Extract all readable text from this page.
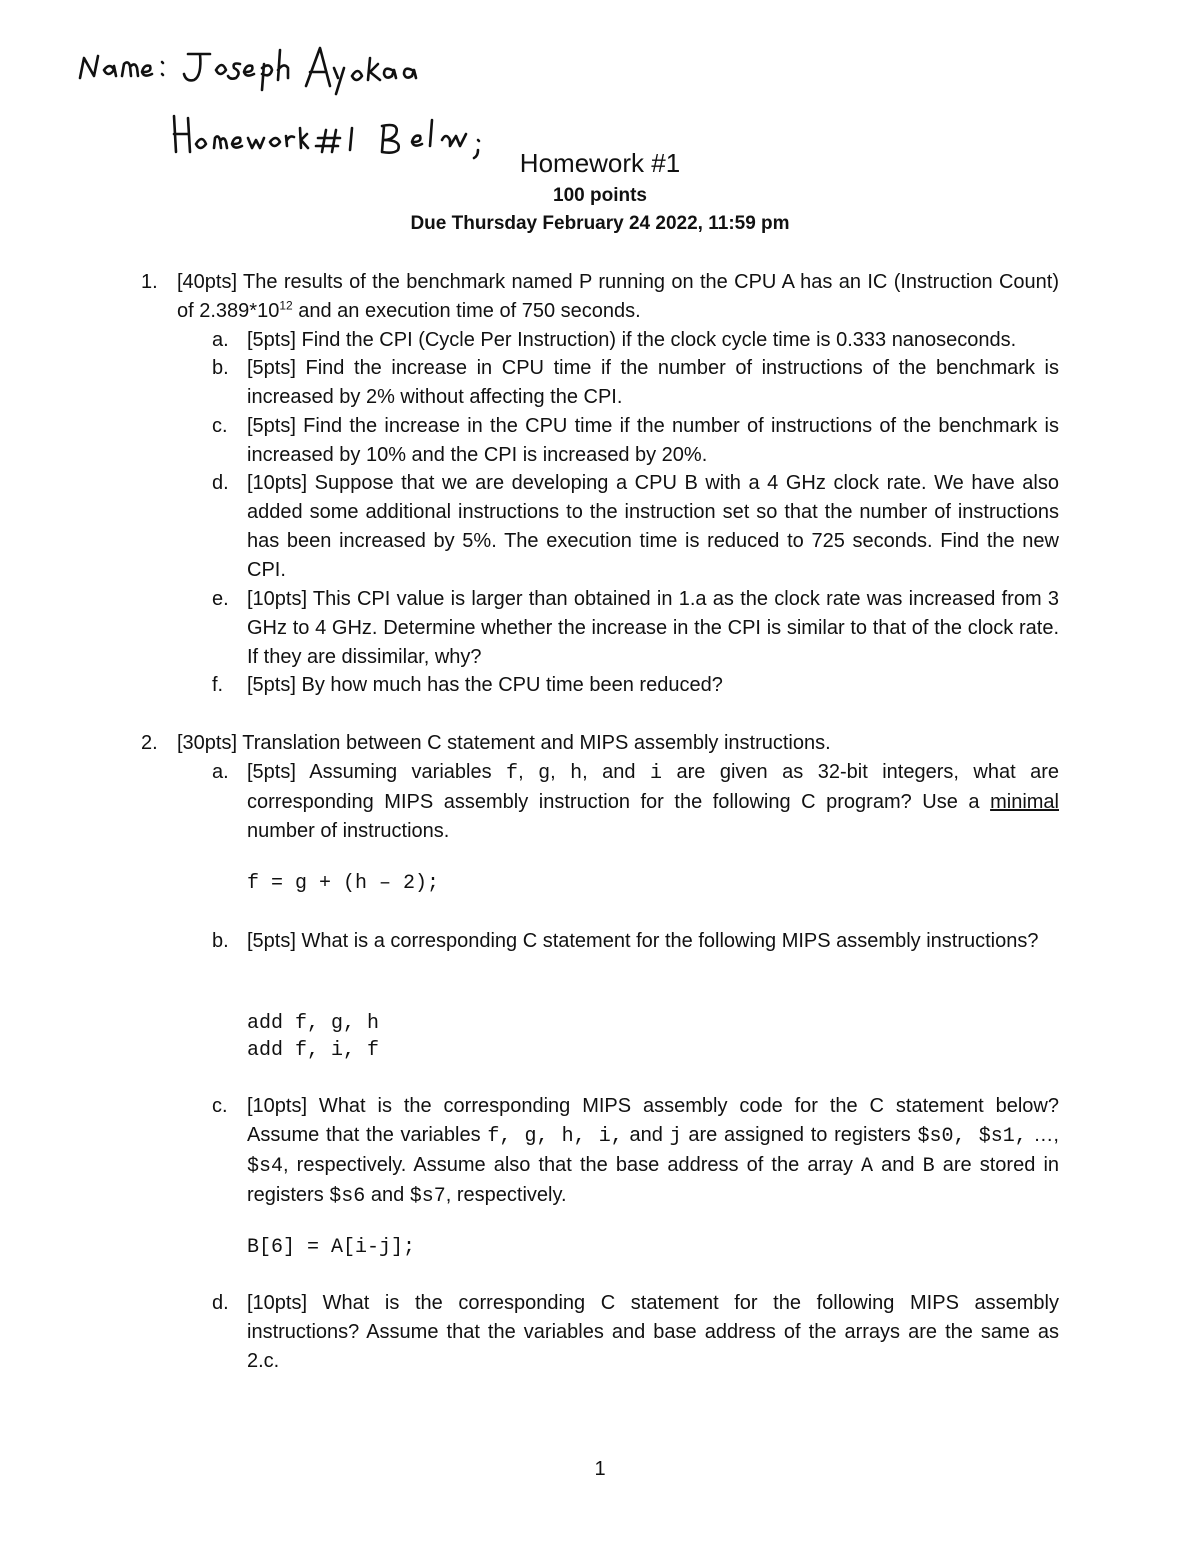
Homework #1
100 points
Due Thursday February 24 2022, 11:59 pm
1. [40pts] The results of the benchmark named P running on the CPU A has an IC (Instruction Count) of $2.389*10^{12}$ and an execution time of 750 seconds.
a. [5pts] Find the CPI (Cycle Per Instruction) if the clock cycle time is 0.333 nanoseconds.
b. [5pts] Find the increase in CPU time if the number of instructions of the benchmark is increased by 2% without affecting the CPI.
c. [5pts] Find the increase in the CPU time if the number of instructions of the benchmark is increased by 10% and the CPI is increased by 20%.
d. [10pts] Suppose that we are developing a CPU B with a 4 GHz clock rate. We have also added some additional instructions to the instruction set so that the number of instructions has been increased by 5%. The execution time is reduced to 725 seconds. Find the new CPI.
e. [10pts] This CPI value is larger than obtained in 1.a as the clock rate was increased from 3 GHz to 4 GHz. Determine whether the increase in the CPI is similar to that of the clock rate. If they are dissimilar, why?
f. [5pts] By how much has the CPU time been reduced?
2. [30pts] Translation between C statement and MIPS assembly instructions.
a. [5pts] Assuming variables f, g, h, and i are given as 32-bit integers, what are corresponding MIPS assembly instruction for the following C program? Use a minimal number of instructions.
f = g + (h – 2);
b. [5pts] What is a corresponding C statement for the following MIPS assembly instructions?
add f, g, h
add f, i, f
c. [10pts] What is the corresponding MIPS assembly code for the C statement below? Assume that the variables f, g, h, i, and j are assigned to registers $s0, $s1, …, $s4, respectively. Assume also that the base address of the array A and B are stored in registers $s6 and $s7, respectively.
B[6] = A[i-j];
d. [10pts] What is the corresponding C statement for the following MIPS assembly instructions? Assume that the variables and base address of the arrays are the same as 2.c.
1
